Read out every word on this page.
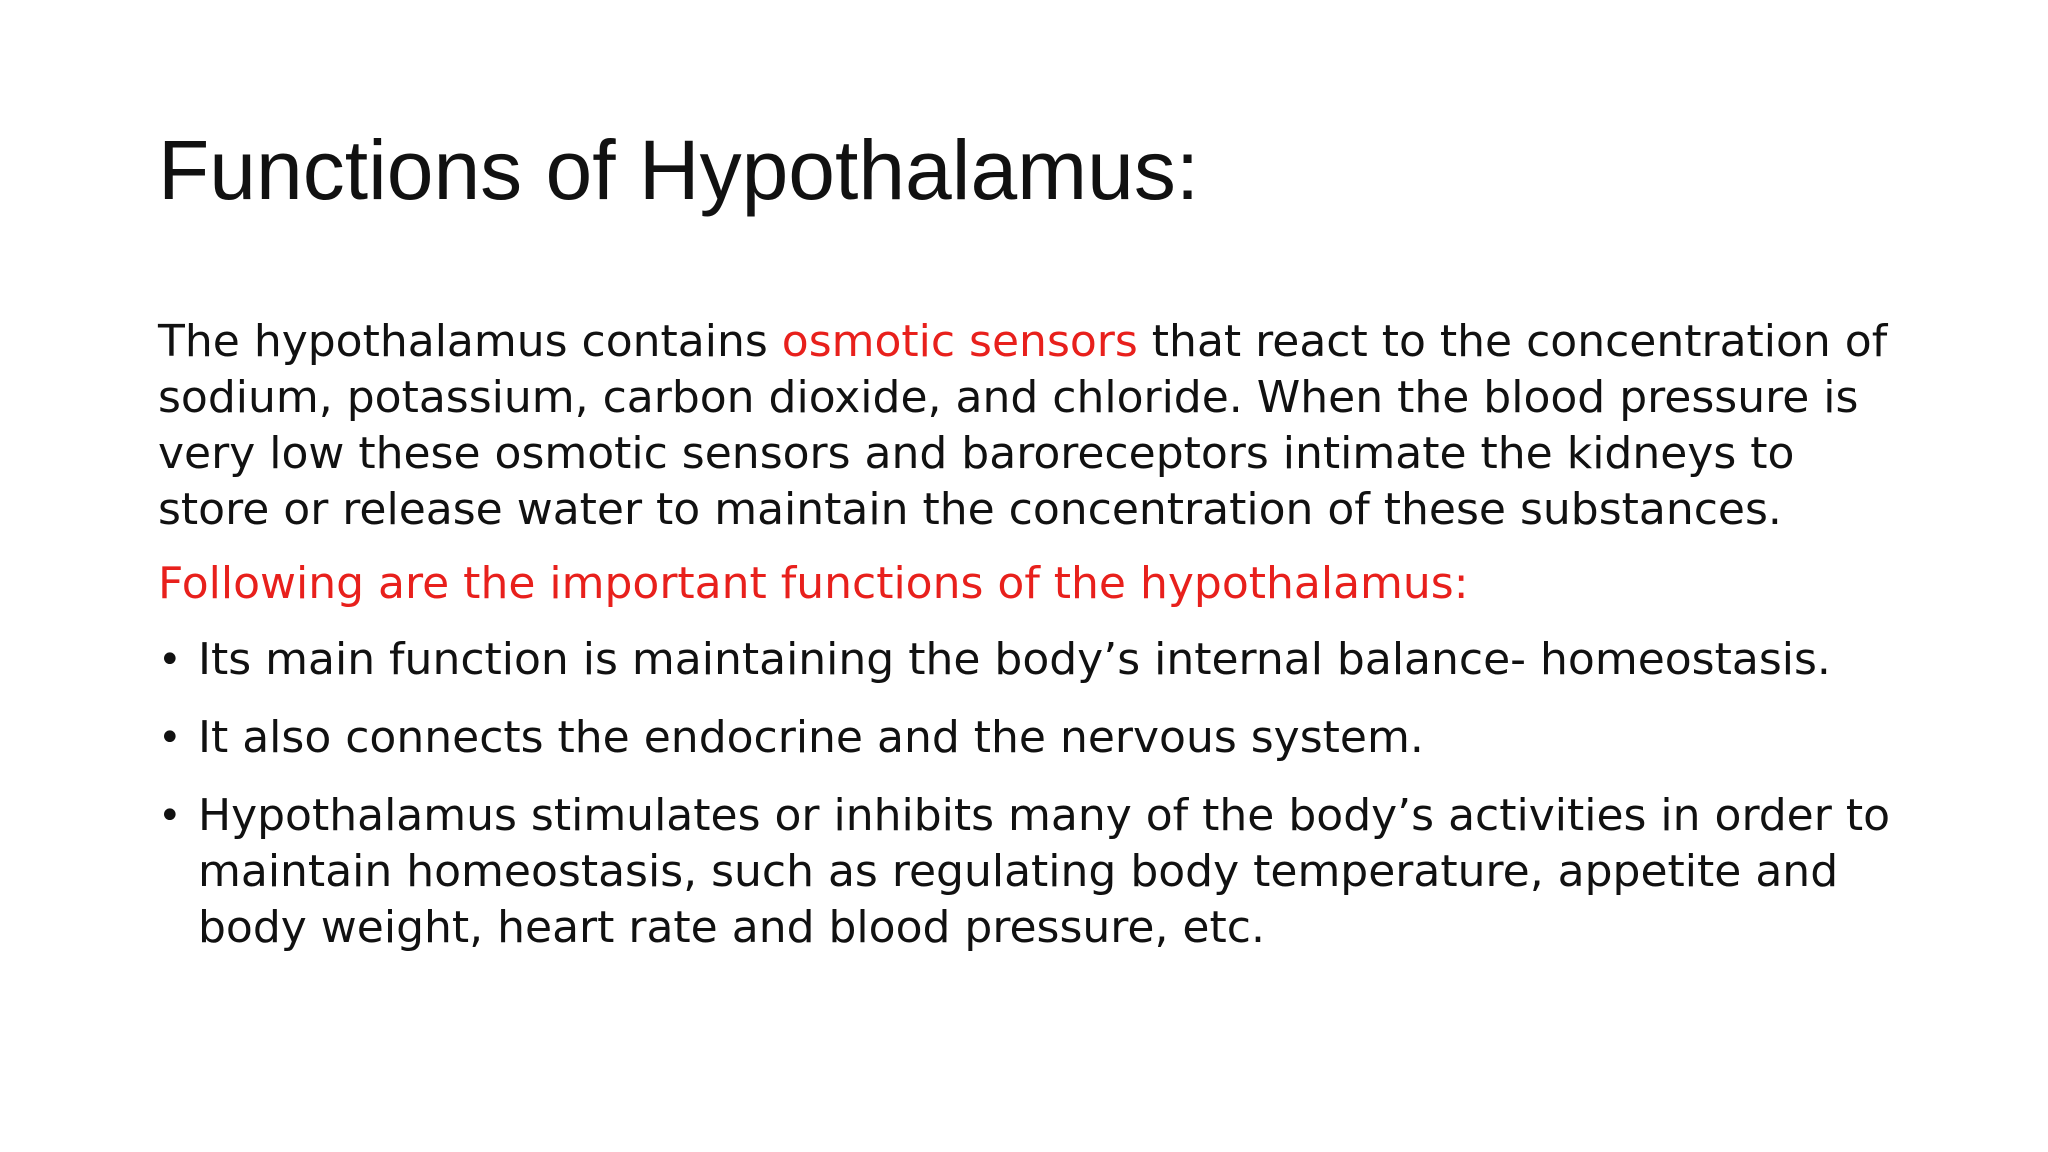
Functions of Hypothalamus:

The hypothalamus contains osmotic sensors that react to the concentration of sodium, potassium, carbon dioxide, and chloride. When the blood pressure is very low these osmotic sensors and baroreceptors intimate the kidneys to store or release water to maintain the concentration of these substances.

Following are the important functions of the hypothalamus:

• Its main function is maintaining the body’s internal balance- homeostasis.
• It also connects the endocrine and the nervous system.
• Hypothalamus stimulates or inhibits many of the body’s activities in order to maintain homeostasis, such as regulating body temperature, appetite and body weight, heart rate and blood pressure, etc.
